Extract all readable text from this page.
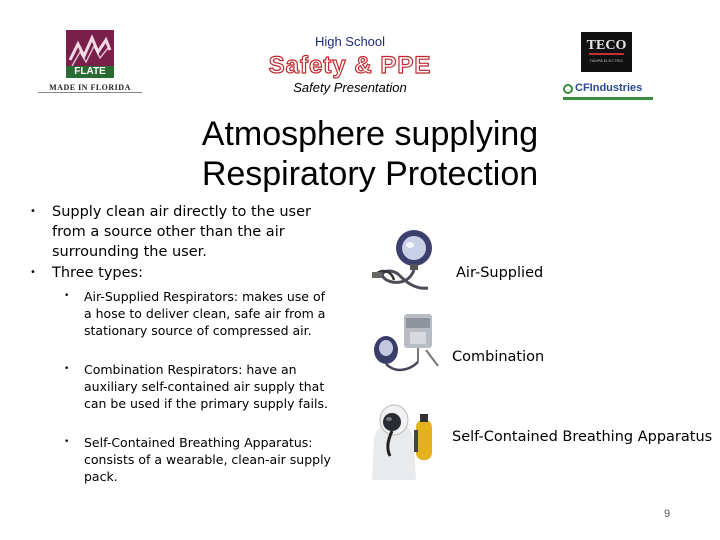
FLATE
MADE IN FLORIDA
High School
Safety & PPE
Safety Presentation
TECO
TAMPA ELECTRIC
CFIndustries
Atmosphere supplying Respiratory Protection
• Supply clean air directly to the user from a source other than the air surrounding the user.
• Three types:
• Air-Supplied Respirators: makes use of a hose to deliver clean, safe air from a stationary source of compressed air.
• Combination Respirators: have an auxiliary self-contained air supply that can be used if the primary supply fails.
• Self-Contained Breathing Apparatus: consists of a wearable, clean-air supply pack.
Air-Supplied
Combination
Self-Contained Breathing Apparatus
9
